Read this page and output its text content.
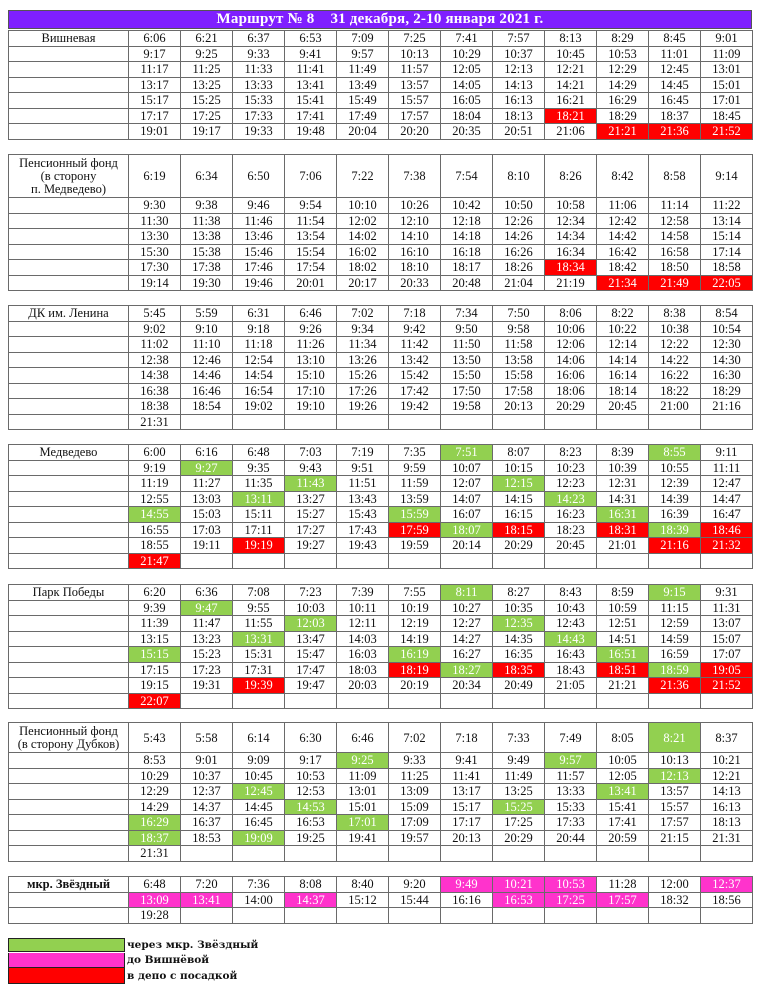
Маршрут № 8 31 декабря, 2-10 января 2021 г.
Вишневая	6:06	6:21	6:37	6:53	7:09	7:25	7:41	7:57	8:13	8:29	8:45	9:01
	9:17	9:25	9:33	9:41	9:57	10:13	10:29	10:37	10:45	10:53	11:01	11:09
	11:17	11:25	11:33	11:41	11:49	11:57	12:05	12:13	12:21	12:29	12:45	13:01
	13:17	13:25	13:33	13:41	13:49	13:57	14:05	14:13	14:21	14:29	14:45	15:01
	15:17	15:25	15:33	15:41	15:49	15:57	16:05	16:13	16:21	16:29	16:45	17:01
	17:17	17:25	17:33	17:41	17:49	17:57	18:04	18:13	18:21	18:29	18:37	18:45
	19:01	19:17	19:33	19:48	20:04	20:20	20:35	20:51	21:06	21:21	21:36	21:52
Пенсионный фонд
(в сторону
п. Медведево)	6:19	6:34	6:50	7:06	7:22	7:38	7:54	8:10	8:26	8:42	8:58	9:14
	9:30	9:38	9:46	9:54	10:10	10:26	10:42	10:50	10:58	11:06	11:14	11:22
	11:30	11:38	11:46	11:54	12:02	12:10	12:18	12:26	12:34	12:42	12:58	13:14
	13:30	13:38	13:46	13:54	14:02	14:10	14:18	14:26	14:34	14:42	14:58	15:14
	15:30	15:38	15:46	15:54	16:02	16:10	16:18	16:26	16:34	16:42	16:58	17:14
	17:30	17:38	17:46	17:54	18:02	18:10	18:17	18:26	18:34	18:42	18:50	18:58
	19:14	19:30	19:46	20:01	20:17	20:33	20:48	21:04	21:19	21:34	21:49	22:05
ДК им. Ленина	5:45	5:59	6:31	6:46	7:02	7:18	7:34	7:50	8:06	8:22	8:38	8:54
	9:02	9:10	9:18	9:26	9:34	9:42	9:50	9:58	10:06	10:22	10:38	10:54
	11:02	11:10	11:18	11:26	11:34	11:42	11:50	11:58	12:06	12:14	12:22	12:30
	12:38	12:46	12:54	13:10	13:26	13:42	13:50	13:58	14:06	14:14	14:22	14:30
	14:38	14:46	14:54	15:10	15:26	15:42	15:50	15:58	16:06	16:14	16:22	16:30
	16:38	16:46	16:54	17:10	17:26	17:42	17:50	17:58	18:06	18:14	18:22	18:29
	18:38	18:54	19:02	19:10	19:26	19:42	19:58	20:13	20:29	20:45	21:00	21:16
	21:31											
Медведево	6:00	6:16	6:48	7:03	7:19	7:35	7:51	8:07	8:23	8:39	8:55	9:11
	9:19	9:27	9:35	9:43	9:51	9:59	10:07	10:15	10:23	10:39	10:55	11:11
	11:19	11:27	11:35	11:43	11:51	11:59	12:07	12:15	12:23	12:31	12:39	12:47
	12:55	13:03	13:11	13:27	13:43	13:59	14:07	14:15	14:23	14:31	14:39	14:47
	14:55	15:03	15:11	15:27	15:43	15:59	16:07	16:15	16:23	16:31	16:39	16:47
	16:55	17:03	17:11	17:27	17:43	17:59	18:07	18:15	18:23	18:31	18:39	18:46
	18:55	19:11	19:19	19:27	19:43	19:59	20:14	20:29	20:45	21:01	21:16	21:32
	21:47											
Парк Победы	6:20	6:36	7:08	7:23	7:39	7:55	8:11	8:27	8:43	8:59	9:15	9:31
	9:39	9:47	9:55	10:03	10:11	10:19	10:27	10:35	10:43	10:59	11:15	11:31
	11:39	11:47	11:55	12:03	12:11	12:19	12:27	12:35	12:43	12:51	12:59	13:07
	13:15	13:23	13:31	13:47	14:03	14:19	14:27	14:35	14:43	14:51	14:59	15:07
	15:15	15:23	15:31	15:47	16:03	16:19	16:27	16:35	16:43	16:51	16:59	17:07
	17:15	17:23	17:31	17:47	18:03	18:19	18:27	18:35	18:43	18:51	18:59	19:05
	19:15	19:31	19:39	19:47	20:03	20:19	20:34	20:49	21:05	21:21	21:36	21:52
	22:07											
Пенсионный фонд
(в сторону Дубков)	5:43	5:58	6:14	6:30	6:46	7:02	7:18	7:33	7:49	8:05	8:21	8:37
	8:53	9:01	9:09	9:17	9:25	9:33	9:41	9:49	9:57	10:05	10:13	10:21
	10:29	10:37	10:45	10:53	11:09	11:25	11:41	11:49	11:57	12:05	12:13	12:21
	12:29	12:37	12:45	12:53	13:01	13:09	13:17	13:25	13:33	13:41	13:57	14:13
	14:29	14:37	14:45	14:53	15:01	15:09	15:17	15:25	15:33	15:41	15:57	16:13
	16:29	16:37	16:45	16:53	17:01	17:09	17:17	17:25	17:33	17:41	17:57	18:13
	18:37	18:53	19:09	19:25	19:41	19:57	20:13	20:29	20:44	20:59	21:15	21:31
	21:31											
мкр. Звёздный	6:48	7:20	7:36	8:08	8:40	9:20	9:49	10:21	10:53	11:28	12:00	12:37
	13:09	13:41	14:00	14:37	15:12	15:44	16:16	16:53	17:25	17:57	18:32	18:56
	19:28											
через мкр. Звёздный
до Вишнёвой
в депо с посадкой
